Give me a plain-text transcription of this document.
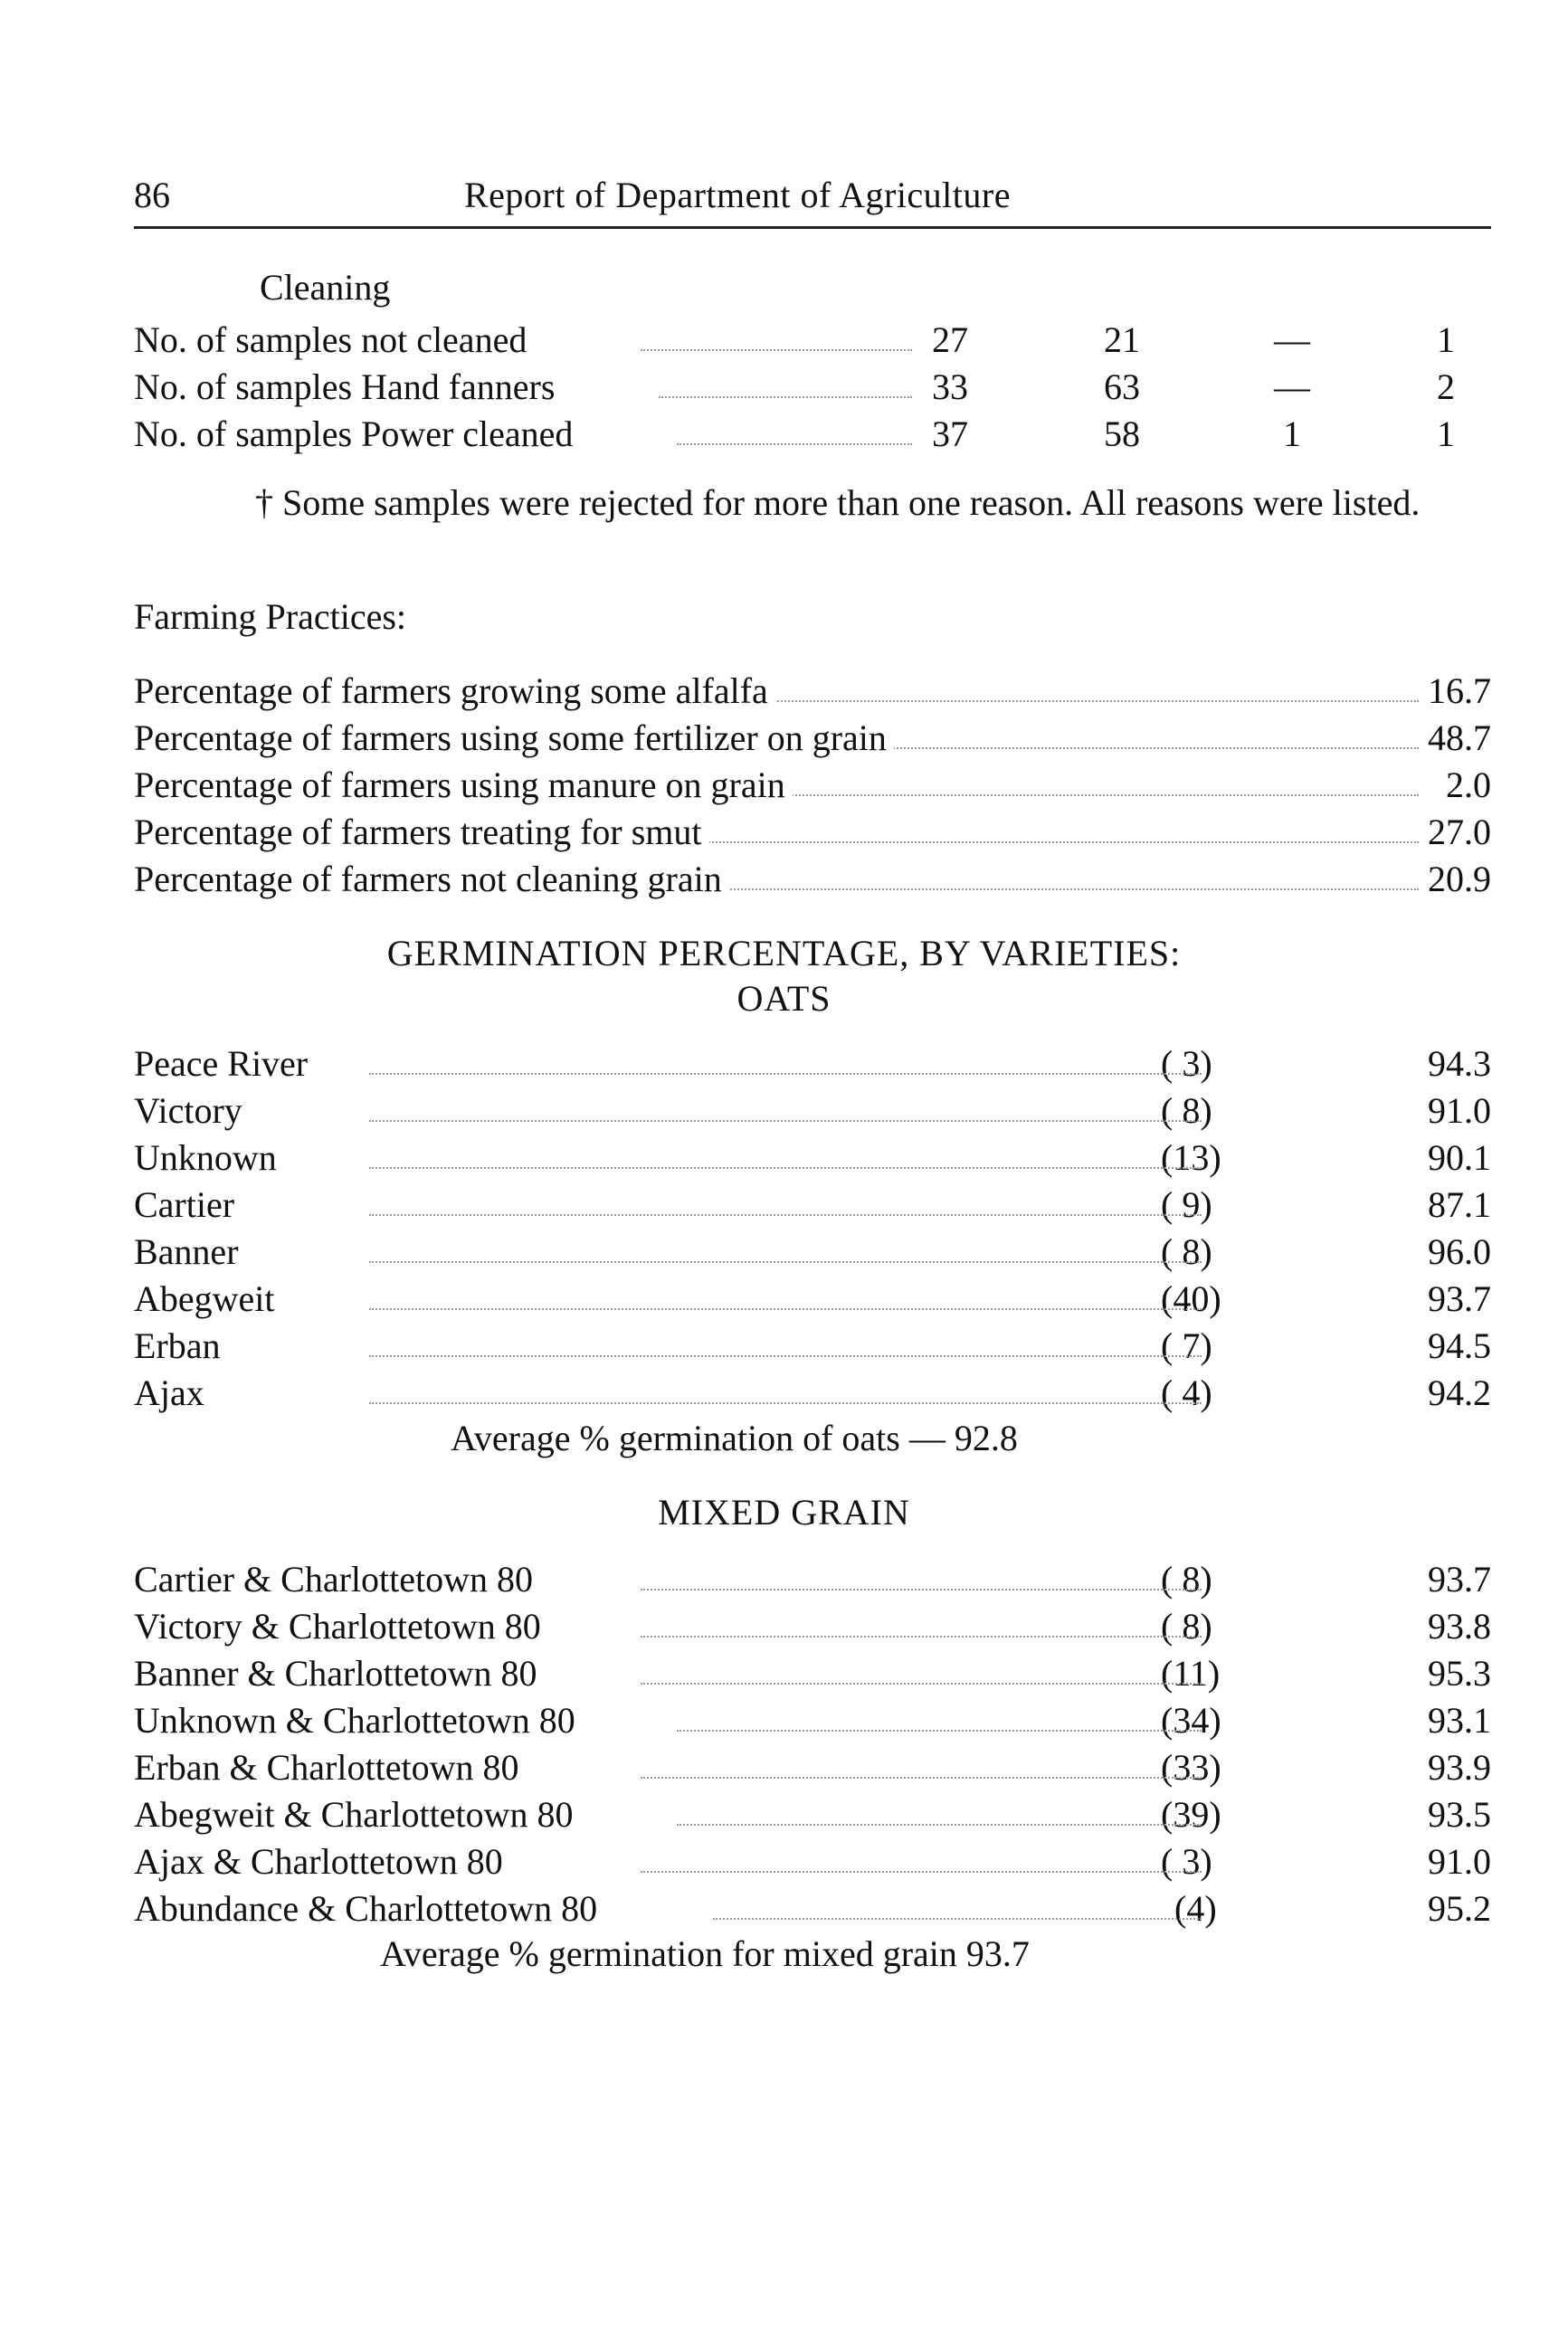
86	Report of Department of Agriculture
Cleaning
No. of samples not cleaned	27	21	—	1
No. of samples Hand fanners	33	63	—	2
No. of samples Power cleaned	37	58	1	1
† Some samples were rejected for more than one reason. All reasons were listed.
Farming Practices:
Percentage of farmers growing some alfalfa	16.7
Percentage of farmers using some fertilizer on grain	48.7
Percentage of farmers using manure on grain	2.0
Percentage of farmers treating for smut	27.0
Percentage of farmers not cleaning grain	20.9
GERMINATION PERCENTAGE, BY VARIETIES:
OATS
Peace River	( 3)	94.3
Victory	( 8)	91.0
Unknown	(13)	90.1
Cartier	( 9)	87.1
Banner	( 8)	96.0
Abegweit	(40)	93.7
Erban	( 7)	94.5
Ajax	( 4)	94.2
Average % germination of oats — 92.8
MIXED GRAIN
Cartier & Charlottetown 80	( 8)	93.7
Victory & Charlottetown 80	( 8)	93.8
Banner & Charlottetown 80	(11)	95.3
Unknown & Charlottetown 80	(34)	93.1
Erban & Charlottetown 80	(33)	93.9
Abegweit & Charlottetown 80	(39)	93.5
Ajax & Charlottetown 80	( 3)	91.0
Abundance & Charlottetown 80	(4)	95.2
Average % germination for mixed grain 93.7
